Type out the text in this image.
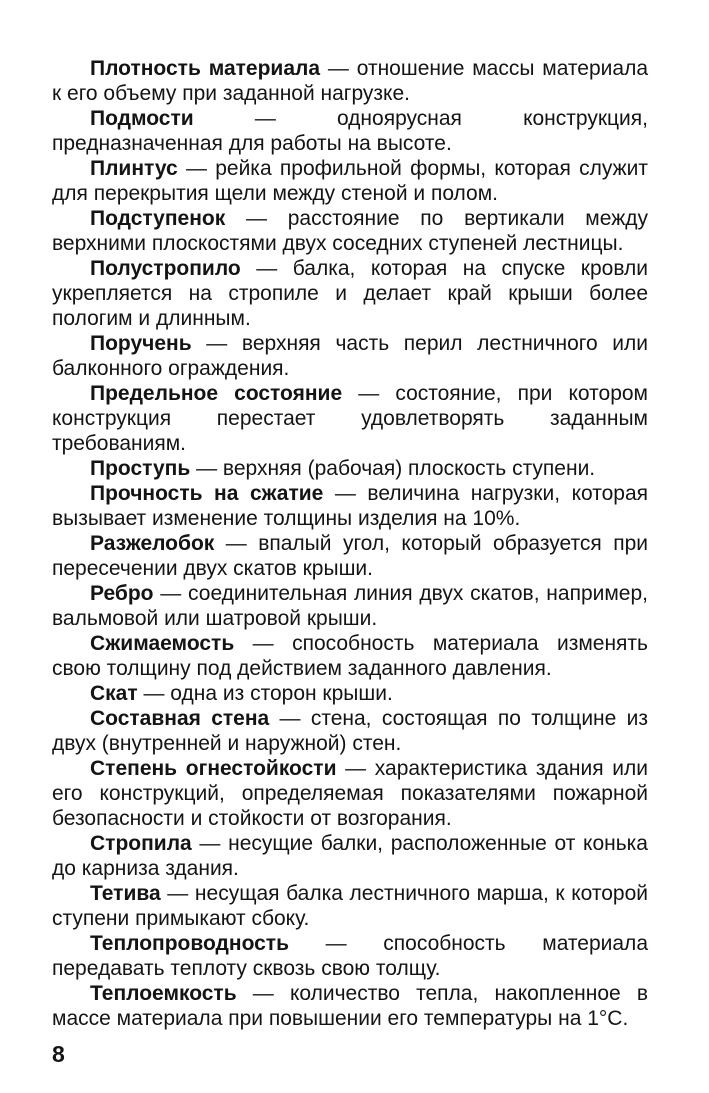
Плотность материала — отношение массы материала к его объему при заданной нагрузке.

Подмости — одноярусная конструкция, предназначенная для работы на высоте.

Плинтус — рейка профильной формы, которая служит для перекрытия щели между стеной и полом.

Подступенок — расстояние по вертикали между верхними плоскостями двух соседних ступеней лестницы.

Полустропило — балка, которая на спуске кровли укрепляется на стропиле и делает край крыши более пологим и длинным.

Поручень — верхняя часть перил лестничного или балконного ограждения.

Предельное состояние — состояние, при котором конструкция перестает удовлетворять заданным требованиям.

Проступь — верхняя (рабочая) плоскость ступени.

Прочность на сжатие — величина нагрузки, которая вызывает изменение толщины изделия на 10%.

Разжелобок — впалый угол, который образуется при пересечении двух скатов крыши.

Ребро — соединительная линия двух скатов, например, вальмовой или шатровой крыши.

Сжимаемость — способность материала изменять свою толщину под действием заданного давления.

Скат — одна из сторон крыши.

Составная стена — стена, состоящая по толщине из двух (внутренней и наружной) стен.

Степень огнестойкости — характеристика здания или его конструкций, определяемая показателями пожарной безопасности и стойкости от возгорания.

Стропила — несущие балки, расположенные от конька до карниза здания.

Тетива — несущая балка лестничного марша, к которой ступени примыкают сбоку.

Теплопроводность — способность материала передавать теплоту сквозь свою толщу.

Теплоемкость — количество тепла, накопленное в массе материала при повышении его температуры на 1°С.

8
